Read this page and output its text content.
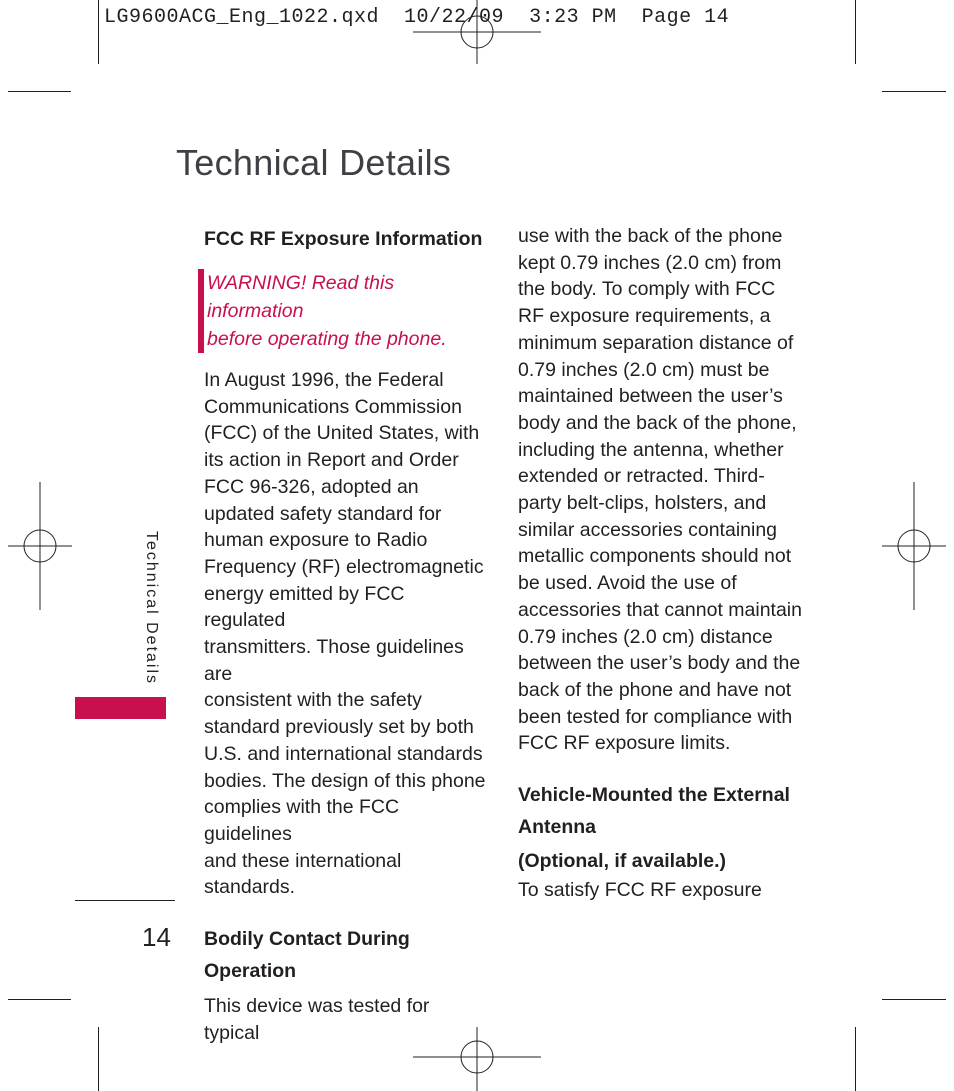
LG9600ACG_Eng_1022.qxd  10/22/09  3:23 PM  Page 14
Technical Details
Technical Details
FCC RF Exposure Information
WARNING! Read this information
before operating the phone.

In August 1996, the Federal
Communications Commission
(FCC) of the United States, with
its action in Report and Order
FCC 96-326, adopted an
updated safety standard for
human exposure to Radio
Frequency (RF) electromagnetic
energy emitted by FCC regulated
transmitters. Those guidelines are
consistent with the safety
standard previously set by both
U.S. and international standards
bodies. The design of this phone
complies with the FCC guidelines
and these international
standards.

Bodily Contact During
Operation

This device was tested for typical

use with the back of the phone
kept 0.79 inches (2.0 cm) from
the body. To comply with FCC
RF exposure requirements, a
minimum separation distance of
0.79 inches (2.0 cm) must be
maintained between the user’s
body and the back of the phone,
including the antenna, whether
extended or retracted. Third-
party belt-clips, holsters, and
similar accessories containing
metallic components should not
be used. Avoid the use of
accessories that cannot maintain
0.79 inches (2.0 cm) distance
between the user’s body and the
back of the phone and have not
been tested for compliance with
FCC RF exposure limits.

Vehicle-Mounted the External
Antenna
(Optional, if available.)

To satisfy FCC RF exposure

14
